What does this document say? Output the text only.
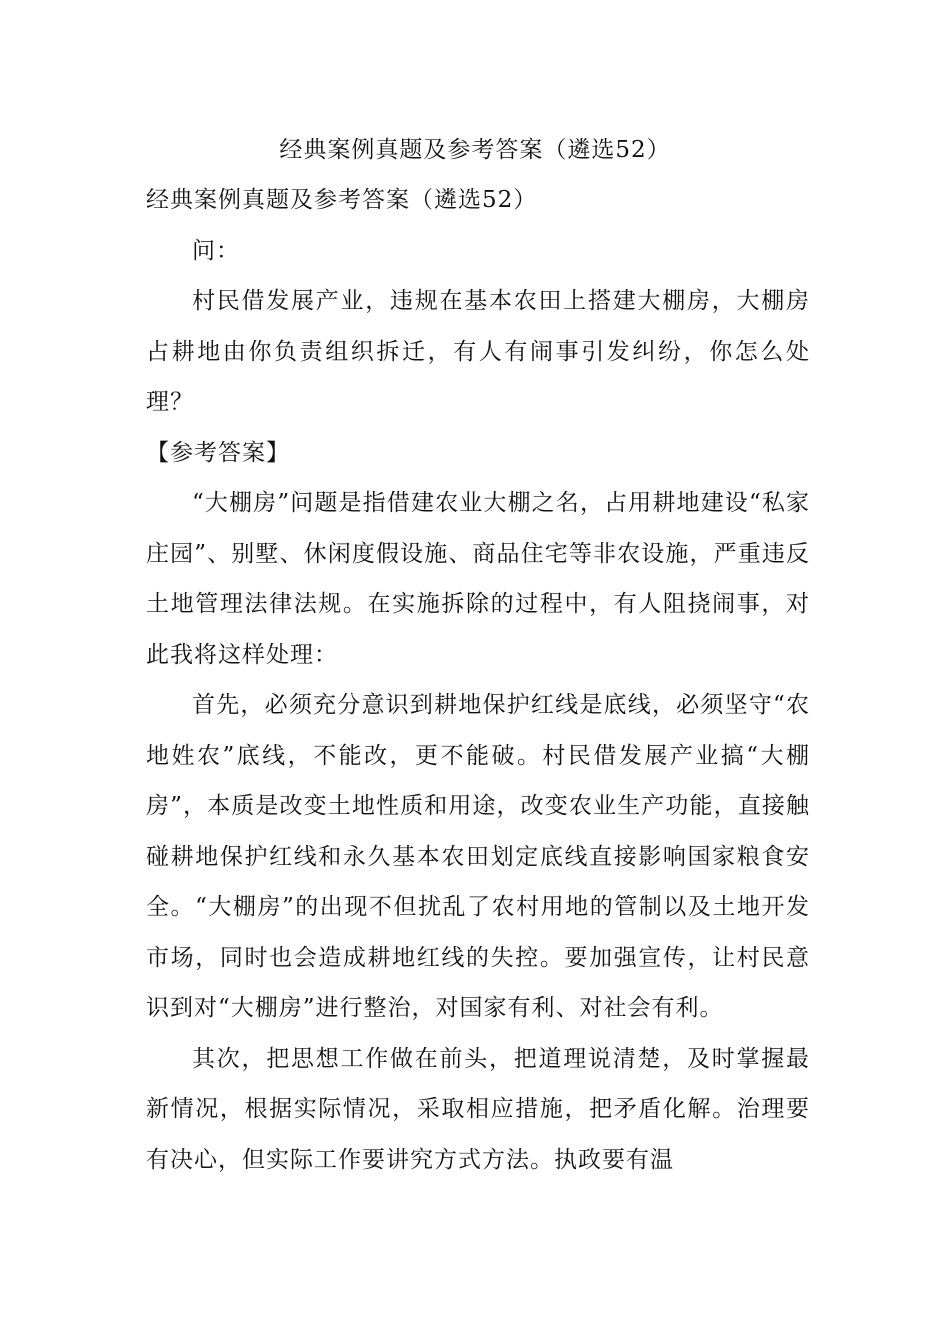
经典案例真题及参考答案（遴选52）

经典案例真题及参考答案（遴选52）

问：

村民借发展产业，违规在基本农田上搭建大棚房，大棚房占耕地由你负责组织拆迁，有人有闹事引发纠纷，你怎么处理？

【参考答案】

“大棚房”问题是指借建农业大棚之名，占用耕地建设“私家庄园”、别墅、休闲度假设施、商品住宅等非农设施，严重违反土地管理法律法规。在实施拆除的过程中，有人阻挠闹事，对此我将这样处理：

首先，必须充分意识到耕地保护红线是底线，必须坚守“农地姓农”底线，不能改，更不能破。村民借发展产业搞“大棚房”，本质是改变土地性质和用途，改变农业生产功能，直接触碰耕地保护红线和永久基本农田划定底线直接影响国家粮食安全。“大棚房”的出现不但扰乱了农村用地的管制以及土地开发市场，同时也会造成耕地红线的失控。要加强宣传，让村民意识到对“大棚房”进行整治，对国家有利、对社会有利。

其次，把思想工作做在前头，把道理说清楚，及时掌握最新情况，根据实际情况，采取相应措施，把矛盾化解。治理要有决心，但实际工作要讲究方式方法。执政要有温
